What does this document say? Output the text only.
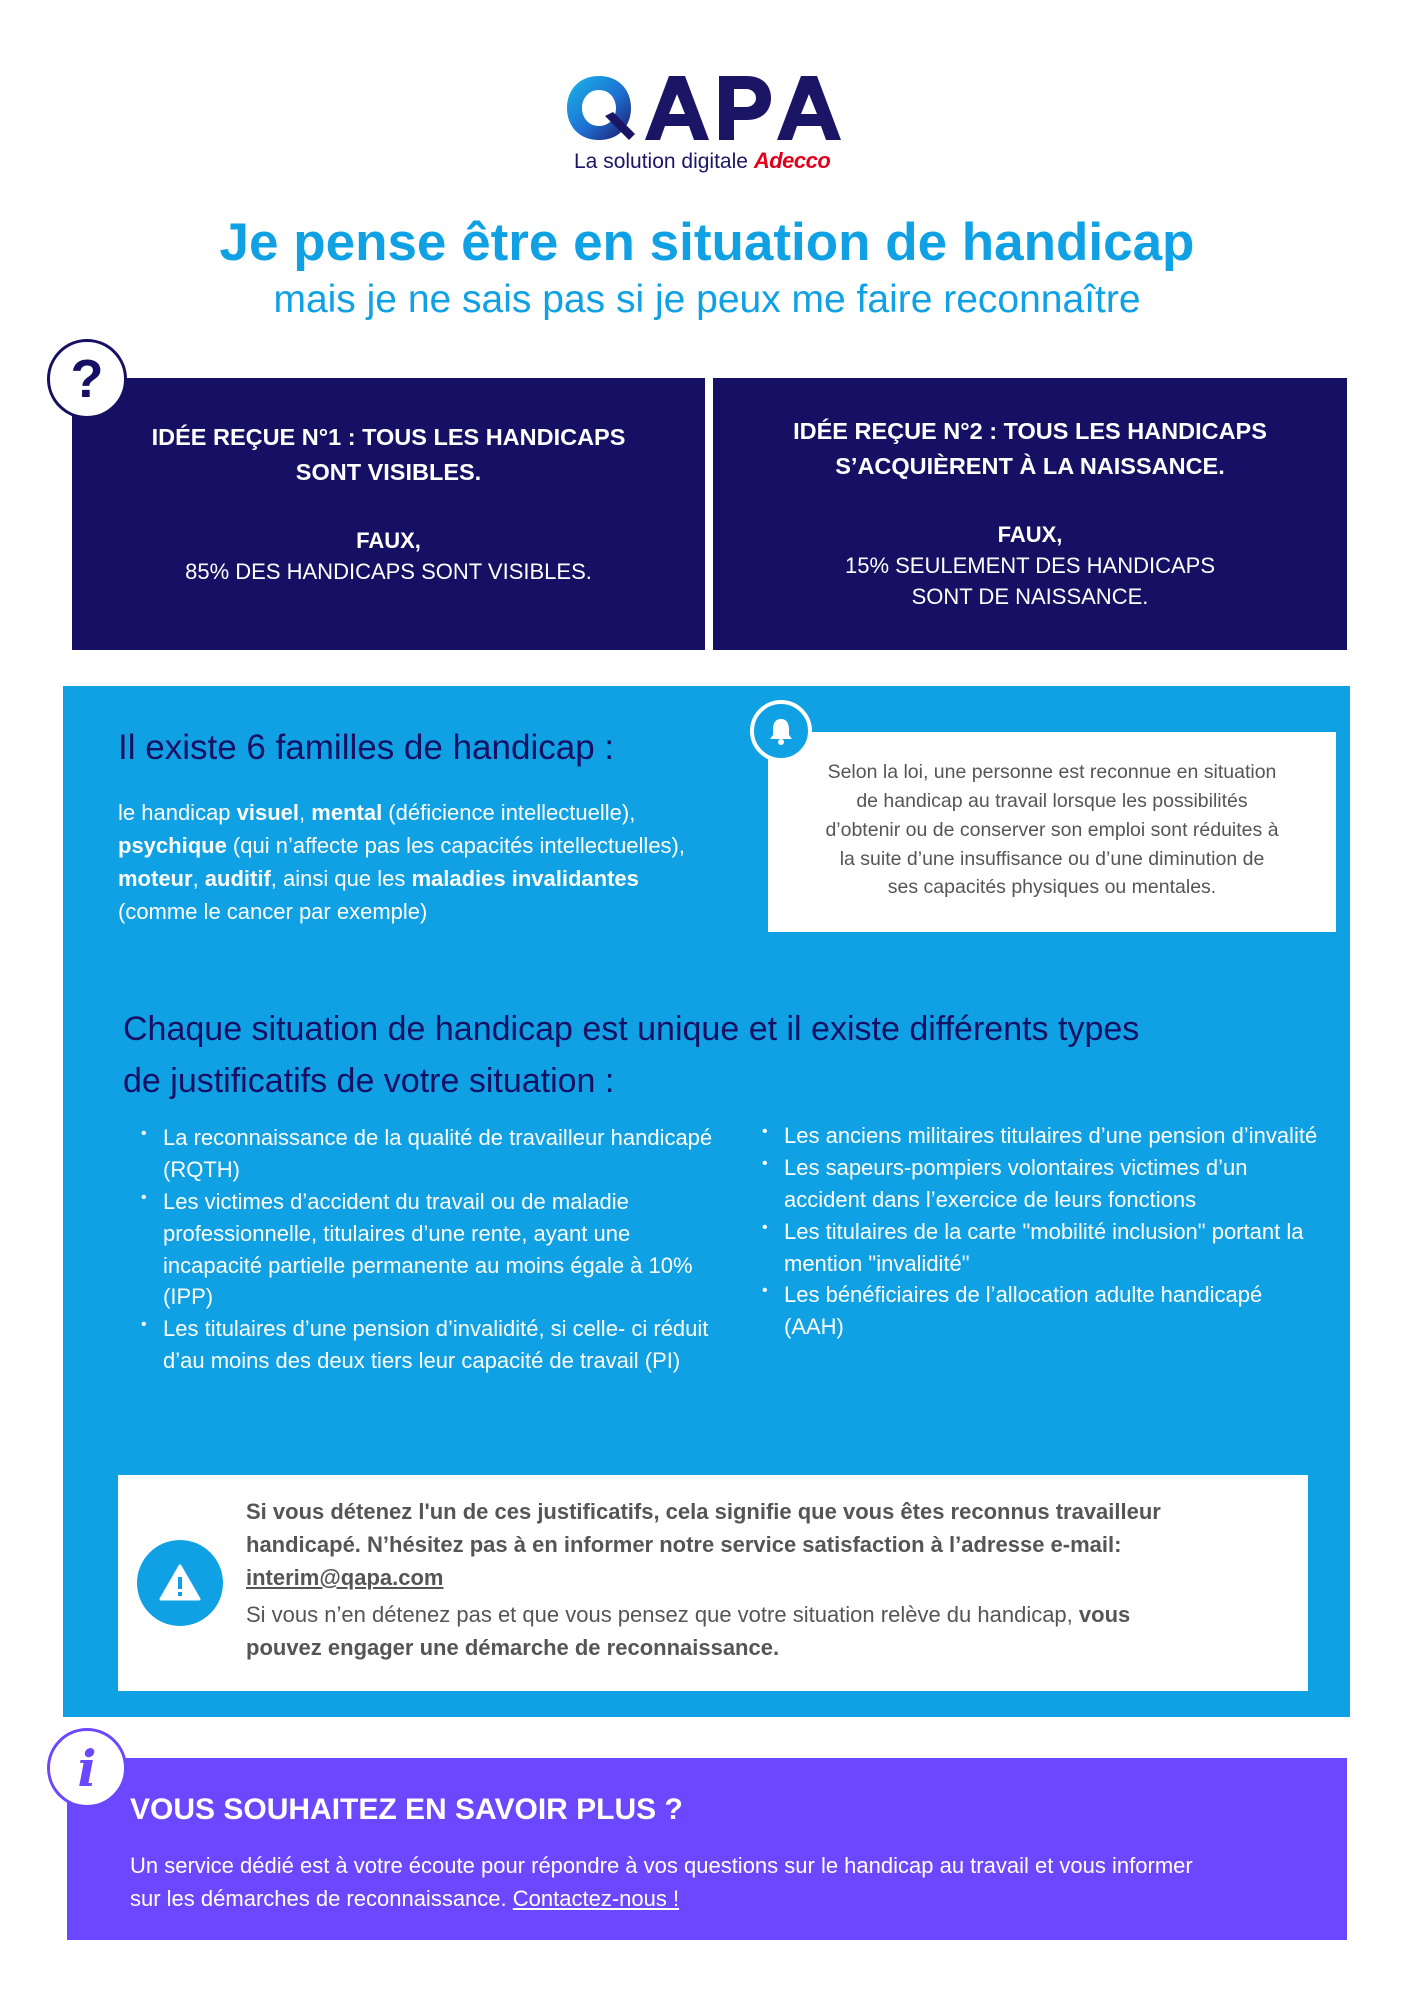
La solution digitale Adecco
Je pense être en situation de handicap
mais je ne sais pas si je peux me faire reconnaître
IDÉE REÇUE N°1 : TOUS LES HANDICAPS
SONT VISIBLES.
FAUX,
85% DES HANDICAPS SONT VISIBLES.
IDÉE REÇUE N°2 : TOUS LES HANDICAPS
S’ACQUIÈRENT À LA NAISSANCE.
FAUX,
15% SEULEMENT DES HANDICAPS
SONT DE NAISSANCE.
?
Il existe 6 familles de handicap :
le handicap visuel, mental (déficience intellectuelle),
psychique (qui n’affecte pas les capacités intellectuelles),
moteur, auditif, ainsi que les maladies invalidantes
(comme le cancer par exemple)
Selon la loi, une personne est reconnue en situation
de handicap au travail lorsque les possibilités
d’obtenir ou de conserver son emploi sont réduites à
la suite d’une insuffisance ou d’une diminution de
ses capacités physiques ou mentales.
Chaque situation de handicap est unique et il existe différents types
de justificatifs de votre situation :
• La reconnaissance de la qualité de travailleur handicapé (RQTH)
• Les victimes d’accident du travail ou de maladie professionnelle, titulaires d’une rente, ayant une incapacité partielle permanente au moins égale à 10% (IPP)
• Les titulaires d’une pension d’invalidité, si celle- ci réduit d’au moins des deux tiers leur capacité de travail (PI)
• Les anciens militaires titulaires d’une pension d’invalité
• Les sapeurs-pompiers volontaires victimes d’un accident dans l’exercice de leurs fonctions
• Les titulaires de la carte "mobilité inclusion" portant la mention "invalidité"
• Les bénéficiaires de l’allocation adulte handicapé (AAH)
Si vous détenez l'un de ces justificatifs, cela signifie que vous êtes reconnus travailleur
handicapé. N’hésitez pas à en informer notre service satisfaction à l’adresse e-mail:
interim@qapa.com
Si vous n’en détenez pas et que vous pensez que votre situation relève du handicap, vous
pouvez engager une démarche de reconnaissance.
i
VOUS SOUHAITEZ EN SAVOIR PLUS ?
Un service dédié est à votre écoute pour répondre à vos questions sur le handicap au travail et vous informer
sur les démarches de reconnaissance. Contactez-nous !
